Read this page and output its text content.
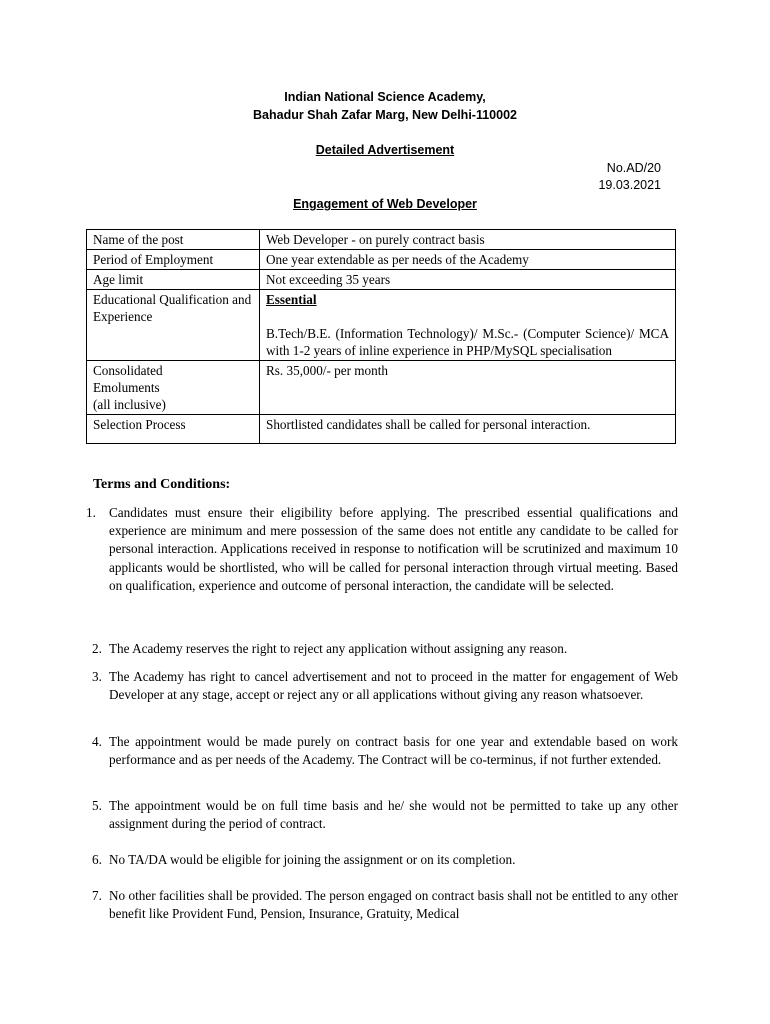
Indian National Science Academy,
Bahadur Shah Zafar Marg, New Delhi-110002
Detailed Advertisement
No.AD/20
19.03.2021
Engagement of Web Developer
Name of the post	Web Developer - on purely contract basis
Period of Employment	One year extendable as per needs of the Academy
Age limit	Not exceeding 35 years
Educational Qualification and Experience	Essential
B.Tech/B.E. (Information Technology)/ M.Sc.- (Computer Science)/ MCA with 1-2 years of inline experience in PHP/MySQL specialisation

Consolidated
Emoluments
(all inclusive)	Rs. 35,000/- per month
Selection Process	Shortlisted candidates shall be called for personal interaction.
Terms and Conditions:
1. Candidates must ensure their eligibility before applying. The prescribed essential qualifications and experience are minimum and mere possession of the same does not entitle any candidate to be called for personal interaction. Applications received in response to notification will be scrutinized and maximum 10 applicants would be shortlisted, who will be called for personal interaction through virtual meeting. Based on qualification, experience and outcome of personal interaction, the candidate will be selected.
2. The Academy reserves the right to reject any application without assigning any reason.
3. The Academy has right to cancel advertisement and not to proceed in the matter for engagement of Web Developer at any stage, accept or reject any or all applications without giving any reason whatsoever.
4. The appointment would be made purely on contract basis for one year and extendable based on work performance and as per needs of the Academy. The Contract will be co-terminus, if not further extended.
5. The appointment would be on full time basis and he/ she would not be permitted to take up any other assignment during the period of contract.
6. No TA/DA would be eligible for joining the assignment or on its completion.
7. No other facilities shall be provided. The person engaged on contract basis shall not be entitled to any other benefit like Provident Fund, Pension, Insurance, Gratuity, Medical
